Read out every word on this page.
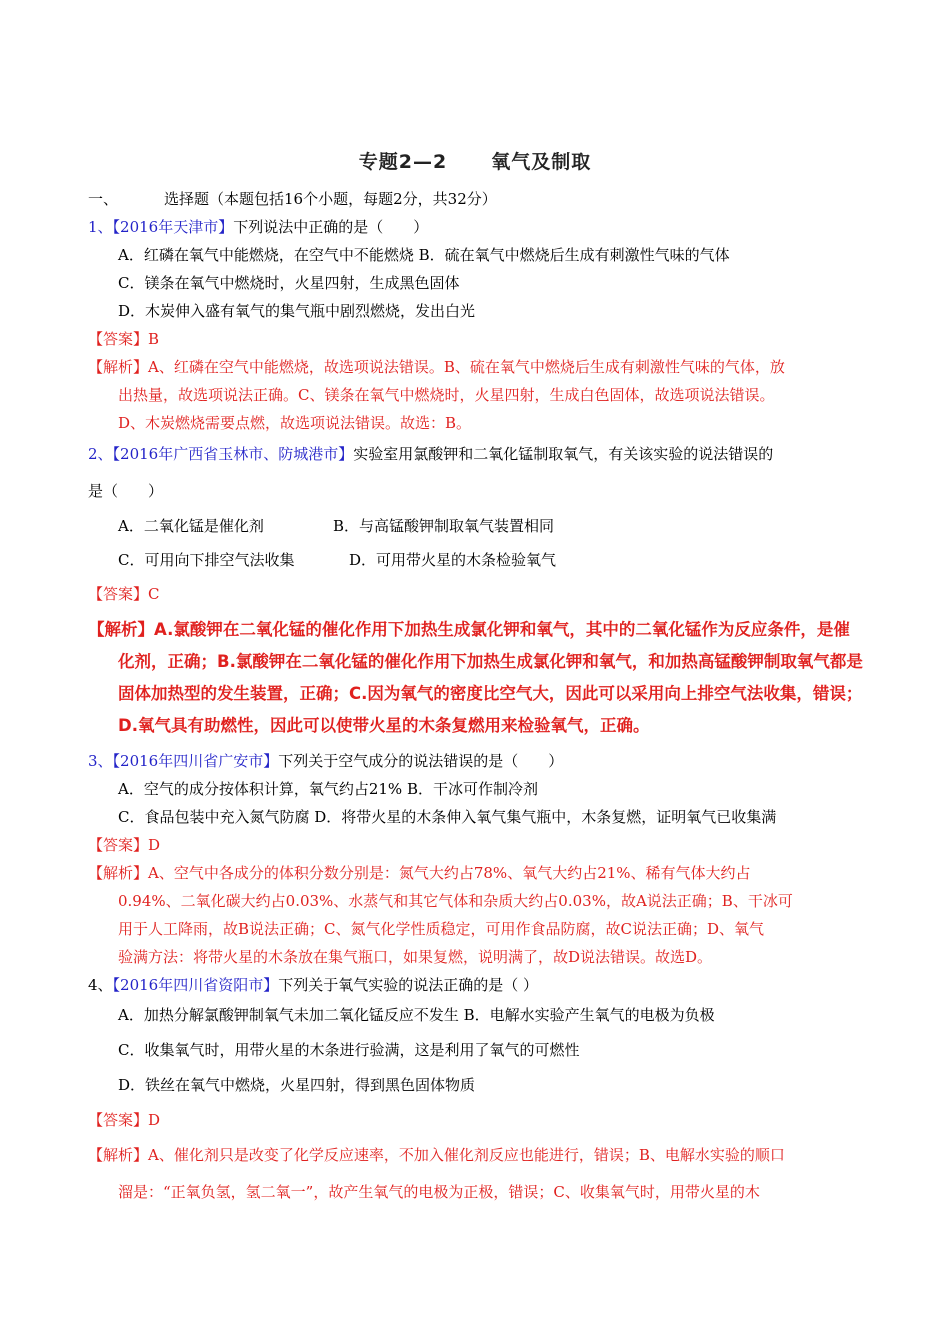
专题2—2 氧气及制取
一、	选择题（本题包括16个小题，每题2分，共32分）
1、【2016年天津市】下列说法中正确的是（　　）
A．红磷在氧气中能燃烧，在空气中不能燃烧 B．硫在氧气中燃烧后生成有刺激性气味的气体
C．镁条在氧气中燃烧时，火星四射，生成黑色固体
D．木炭伸入盛有氧气的集气瓶中剧烈燃烧，发出白光
【答案】B
【解析】A、红磷在空气中能燃烧，故选项说法错误。B、硫在氧气中燃烧后生成有刺激性气味的气体，放
出热量，故选项说法正确。C、镁条在氧气中燃烧时，火星四射，生成白色固体，故选项说法错误。
D、木炭燃烧需要点燃，故选项说法错误。故选：B。
2、【2016年广西省玉林市、防城港市】实验室用氯酸钾和二氧化锰制取氧气，有关该实验的说法错误的
是（　　）
A．二氧化锰是催化剂	B．与高锰酸钾制取氧气装置相同
C．可用向下排空气法收集	D．可用带火星的木条检验氧气
【答案】C
【解析】A.氯酸钾在二氧化锰的催化作用下加热生成氯化钾和氧气，其中的二氧化锰作为反应条件，是催
化剂，正确；B.氯酸钾在二氧化锰的催化作用下加热生成氯化钾和氧气，和加热高锰酸钾制取氧气都是
固体加热型的发生装置，正确；C.因为氧气的密度比空气大，因此可以采用向上排空气法收集，错误；
D.氧气具有助燃性，因此可以使带火星的木条复燃用来检验氧气，正确。
3、【2016年四川省广安市】下列关于空气成分的说法错误的是（　　）
A．空气的成分按体积计算，氧气约占21% B．干冰可作制冷剂
C．食品包装中充入氮气防腐 D．将带火星的木条伸入氧气集气瓶中，木条复燃，证明氧气已收集满
【答案】D
【解析】A、空气中各成分的体积分数分别是：氮气大约占78%、氧气大约占21%、稀有气体大约占
0.94%、二氧化碳大约占0.03%、水蒸气和其它气体和杂质大约占0.03%，故A说法正确；B、干冰可
用于人工降雨，故B说法正确；C、氮气化学性质稳定，可用作食品防腐，故C说法正确；D、氧气
验满方法：将带火星的木条放在集气瓶口，如果复燃，说明满了，故D说法错误。故选D。
4、【2016年四川省资阳市】下列关于氧气实验的说法正确的是（ ）
A．加热分解氯酸钾制氧气未加二氧化锰反应不发生 B．电解水实验产生氧气的电极为负极
C．收集氧气时，用带火星的木条进行验满，这是利用了氧气的可燃性
D．铁丝在氧气中燃烧，火星四射，得到黑色固体物质
【答案】D
【解析】A、催化剂只是改变了化学反应速率，不加入催化剂反应也能进行，错误；B、电解水实验的顺口
溜是：“正氧负氢，氢二氧一”，故产生氧气的电极为正极，错误；C、收集氧气时，用带火星的木
